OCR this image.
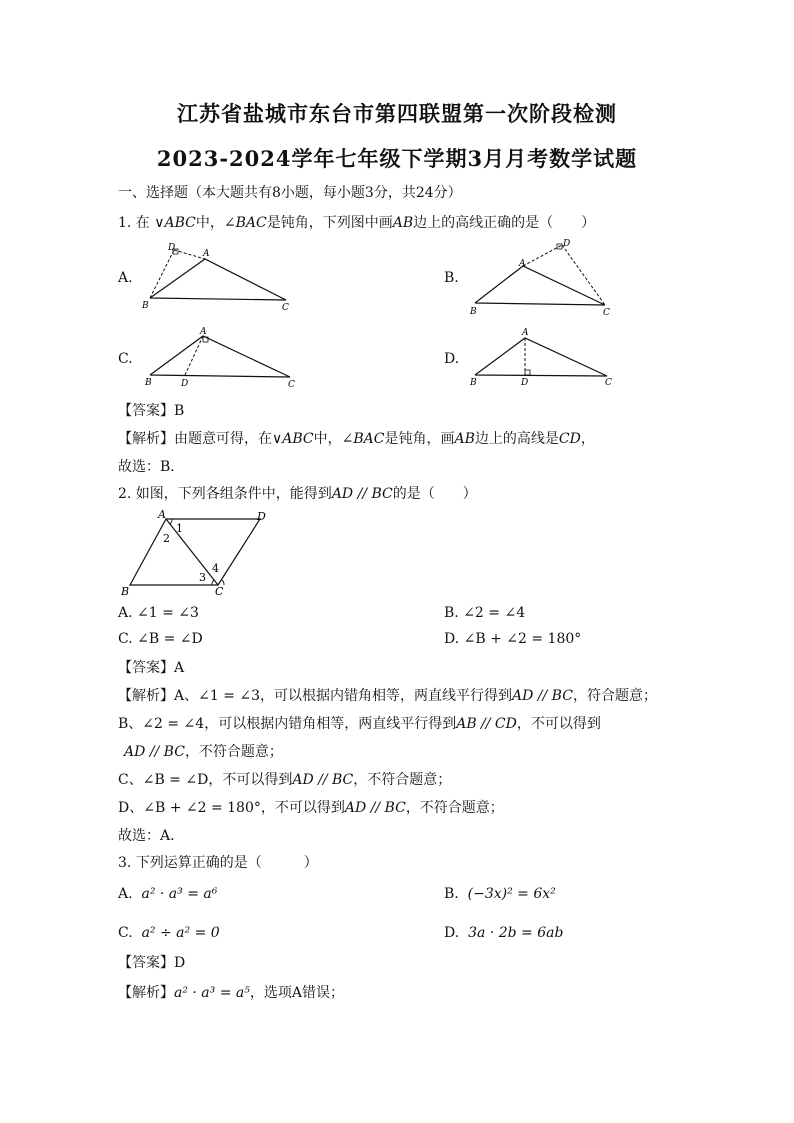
江苏省盐城市东台市第四联盟第一次阶段检测
2023-2024学年七年级下学期3月月考数学试题
一、选择题（本大题共有8小题，每小题3分，共24分）
1. 在 ∨ABC中，∠BAC是钝角，下列图中画AB边上的高线正确的是（　　）
A.	B.
C.	D.
B
A
C
D
B
A
C
D
B
A
C
D	B
A
C
D
【答案】B
【解析】由题意可得，在∨ABC中，∠BAC是钝角，画AB边上的高线是CD，
故选：B．
2. 如图，下列各组条件中，能得到AD // BC的是（　　）
A	D
B	C
1
2
3
4
A. ∠1 = ∠3	B. ∠2 = ∠4
C. ∠B = ∠D	D. ∠B + ∠2 = 180°
【答案】A
【解析】A、∠1 = ∠3，可以根据内错角相等，两直线平行得到AD // BC，符合题意；
B、∠2 = ∠4，可以根据内错角相等，两直线平行得到AB // CD，不可以得到
AD // BC，不符合题意；
C、∠B = ∠D，不可以得到AD // BC，不符合题意；
D、∠B + ∠2 = 180°，不可以得到AD // BC，不符合题意；
故选：A．
3. 下列运算正确的是（　　　）
A. a² · a³ = a⁶	B. (−3x)² = 6x²
C. a² ÷ a² = 0	D. 3a · 2b = 6ab
【答案】D
【解析】a² · a³ = a⁵，选项A错误；
